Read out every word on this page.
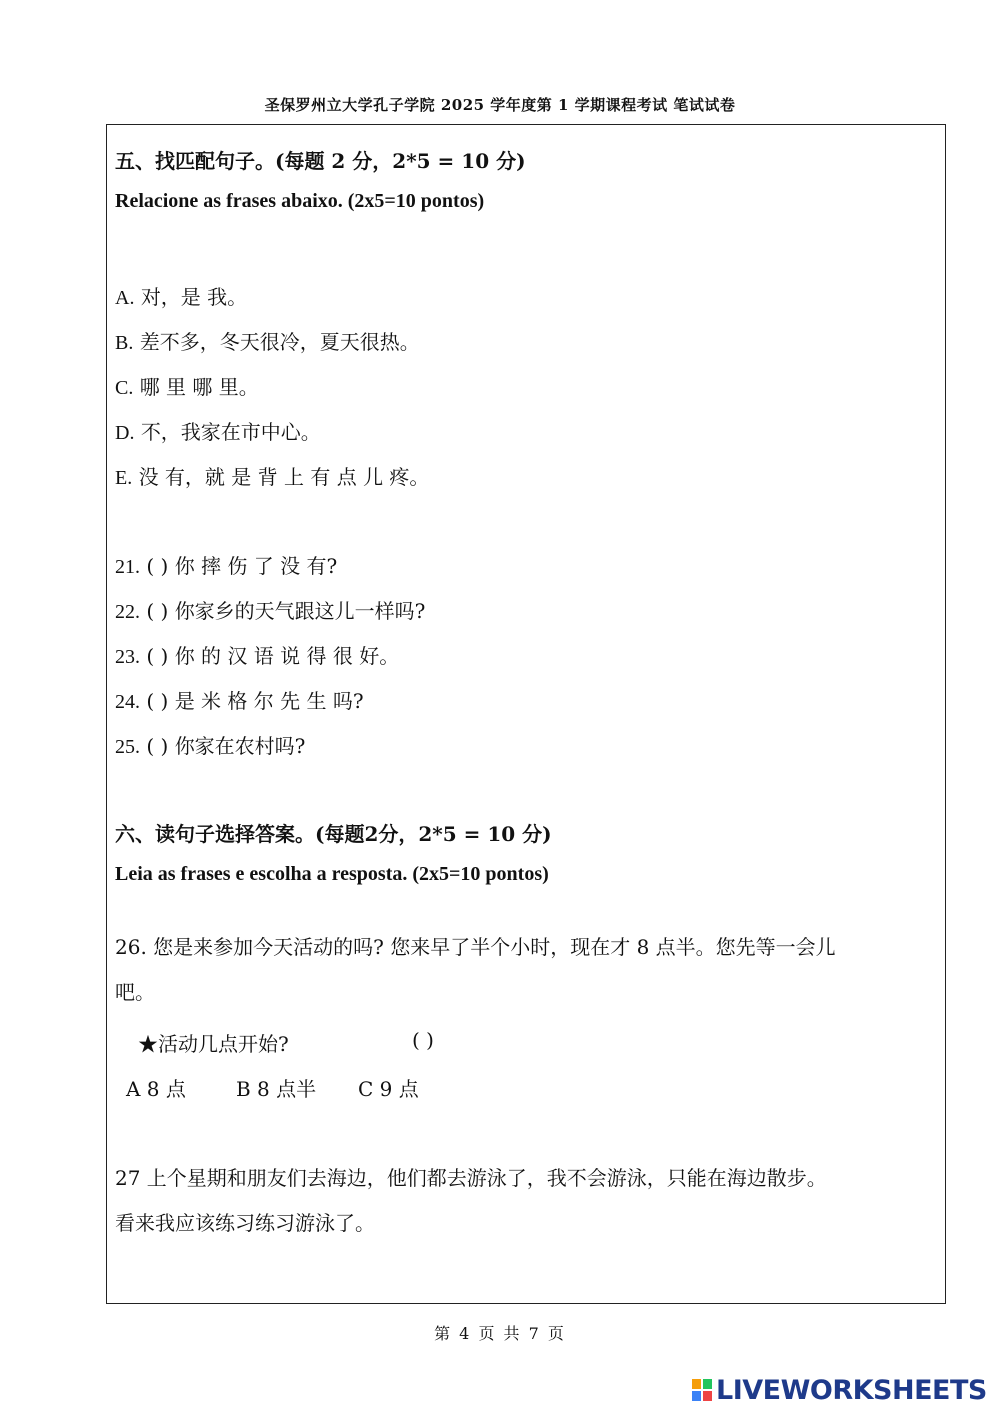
圣保罗州立大学孔子学院 2025 学年度第 1 学期课程考试 笔试试卷
五、找匹配句子。(每题 2 分，2*5 = 10 分)
Relacione as frases abaixo. (2x5=10 pontos)
A. 对，是 我。
B. 差不多，冬天很冷，夏天很热。
C. 哪 里 哪 里。
D. 不，我家在市中心。
E. 没 有，就 是 背 上 有 点 儿 疼。
21. ( ) 你 摔 伤 了 没 有?
22. ( ) 你家乡的天气跟这儿一样吗?
23. ( ) 你 的 汉 语 说 得 很 好。
24. ( ) 是 米 格 尔 先 生 吗?
25. ( ) 你家在农村吗?
六、读句子选择答案。(每题2分，2*5 = 10 分)
Leia as frases e escolha a resposta. (2x5=10 pontos)
26. 您是来参加今天活动的吗? 您来早了半个小时，现在才 8 点半。您先等一会儿
吧。
★活动几点开始?	( )
A 8 点	B 8 点半 C 9 点
27 上个星期和朋友们去海边，他们都去游泳了，我不会游泳，只能在海边散步。
看来我应该练习练习游泳了。
第 4 页 共 7 页
LIVEWORKSHEETS
